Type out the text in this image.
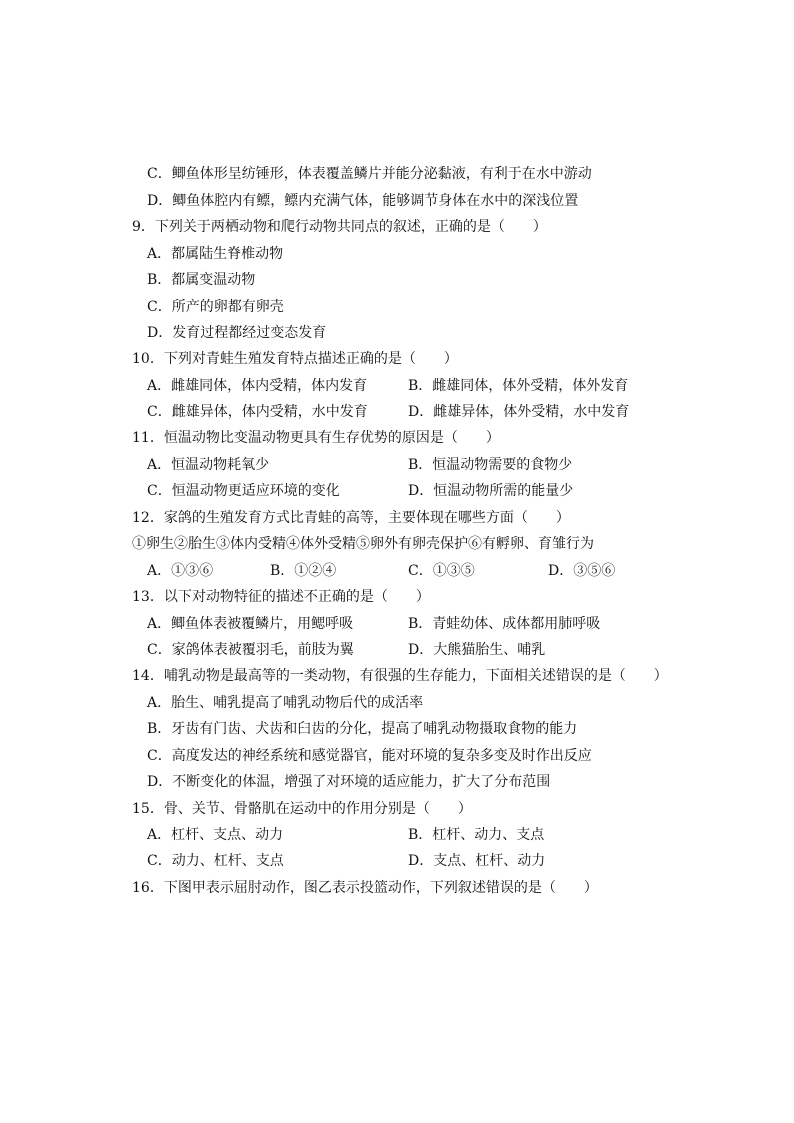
C．鲫鱼体形呈纺锤形，体表覆盖鳞片并能分泌黏液，有利于在水中游动
D．鲫鱼体腔内有鳔，鳔内充满气体，能够调节身体在水中的深浅位置
9．下列关于两栖动物和爬行动物共同点的叙述，正确的是（　　）
A．都属陆生脊椎动物
B．都属变温动物
C．所产的卵都有卵壳
D．发育过程都经过变态发育
10．下列对青蛙生殖发育特点描述正确的是（　　）
A．雌雄同体，体内受精，体内发育	B．雌雄同体，体外受精，体外发育
C．雌雄异体，体内受精，水中发育	D．雌雄异体，体外受精，水中发育
11．恒温动物比变温动物更具有生存优势的原因是（　　）
A．恒温动物耗氧少	B．恒温动物需要的食物少
C．恒温动物更适应环境的变化	D．恒温动物所需的能量少
12．家鸽的生殖发育方式比青蛙的高等，主要体现在哪些方面（　　）
①卵生②胎生③体内受精④体外受精⑤卵外有卵壳保护⑥有孵卵、育雏行为
A．①③⑥	B．①②④	C．①③⑤	D．③⑤⑥
13．以下对动物特征的描述不正确的是（　　）
A．鲫鱼体表被覆鳞片，用鳃呼吸	B．青蛙幼体、成体都用肺呼吸
C．家鸽体表被覆羽毛，前肢为翼	D．大熊猫胎生、哺乳
14．哺乳动物是最高等的一类动物，有很强的生存能力，下面相关述错误的是（　　）
A．胎生、哺乳提高了哺乳动物后代的成活率
B．牙齿有门齿、犬齿和臼齿的分化，提高了哺乳动物摄取食物的能力
C．高度发达的神经系统和感觉器官，能对环境的复杂多变及时作出反应
D．不断变化的体温，增强了对环境的适应能力，扩大了分布范围
15．骨、关节、骨骼肌在运动中的作用分别是（　　）
A．杠杆、支点、动力	B．杠杆、动力、支点
C．动力、杠杆、支点	D．支点、杠杆、动力
16．下图甲表示屈肘动作，图乙表示投篮动作，下列叙述错误的是（　　）
